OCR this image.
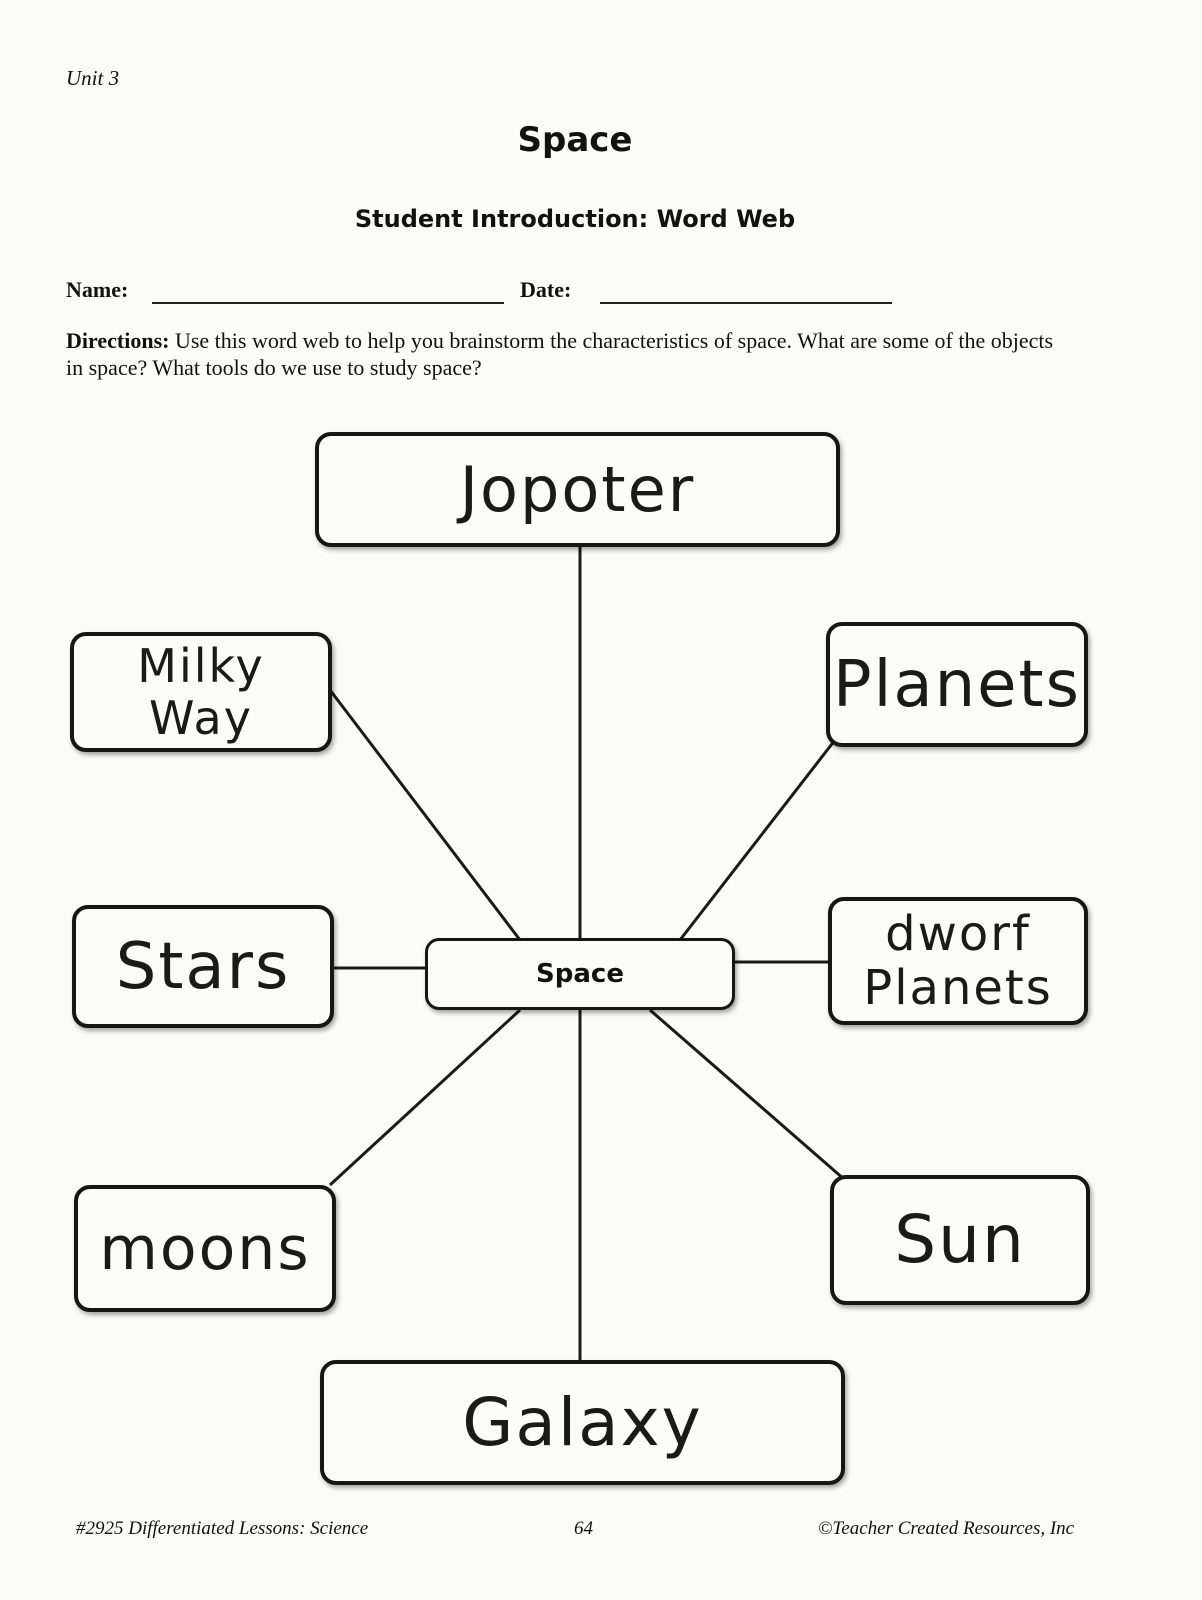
Unit 3
Space
Student Introduction: Word Web
Name:	Date:
Directions: Use this word web to help you brainstorm the characteristics of space. What are some of the objects in space? What tools do we use to study space?
Jopoter
Milky Way	Planets
Stars	Space
dworf Planets
moons	Sun
Galaxy
#2925 Differentiated Lessons: Science	64	©Teacher Created Resources, Inc
